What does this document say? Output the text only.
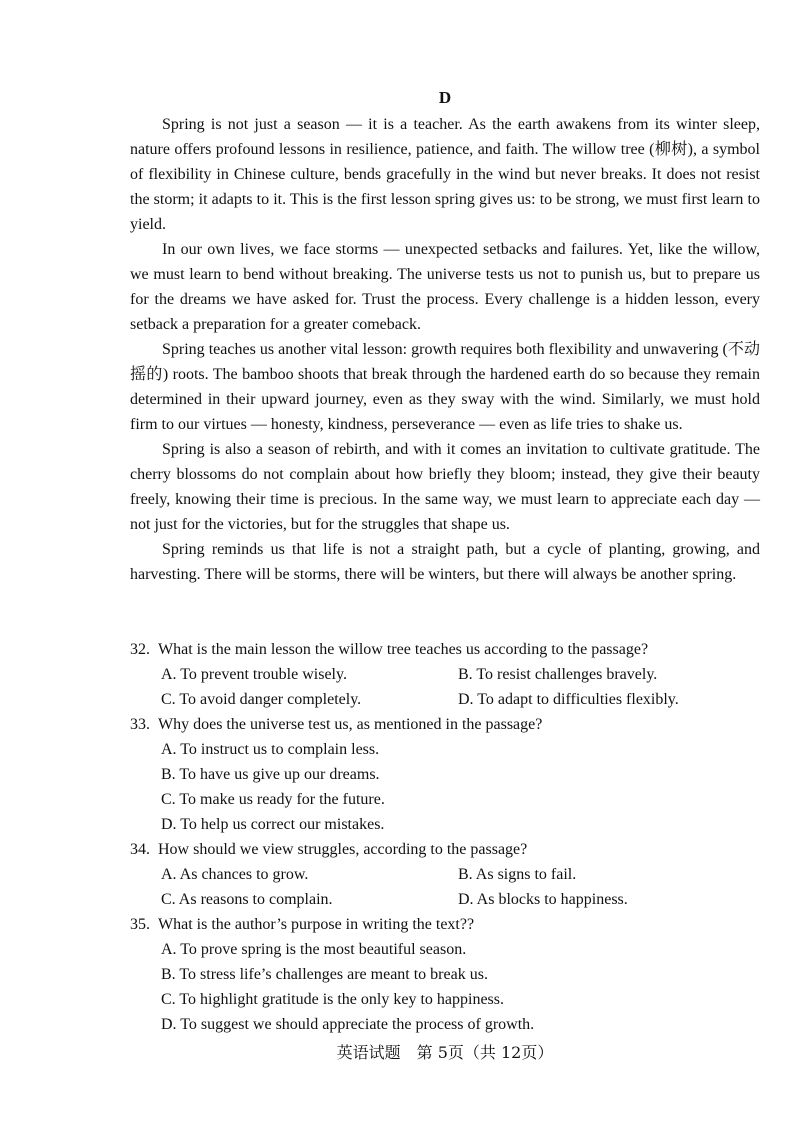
D

Spring is not just a season — it is a teacher. As the earth awakens from its winter sleep, nature offers profound lessons in resilience, patience, and faith. The willow tree (柳树), a symbol of flexibility in Chinese culture, bends gracefully in the wind but never breaks. It does not resist the storm; it adapts to it. This is the first lesson spring gives us: to be strong, we must first learn to yield.

In our own lives, we face storms — unexpected setbacks and failures. Yet, like the willow, we must learn to bend without breaking. The universe tests us not to punish us, but to prepare us for the dreams we have asked for. Trust the process. Every challenge is a hidden lesson, every setback a preparation for a greater comeback.

Spring teaches us another vital lesson: growth requires both flexibility and unwavering (不动摇的) roots. The bamboo shoots that break through the hardened earth do so because they remain determined in their upward journey, even as they sway with the wind. Similarly, we must hold firm to our virtues — honesty, kindness, perseverance — even as life tries to shake us.

Spring is also a season of rebirth, and with it comes an invitation to cultivate gratitude. The cherry blossoms do not complain about how briefly they bloom; instead, they give their beauty freely, knowing their time is precious. In the same way, we must learn to appreciate each day — not just for the victories, but for the struggles that shape us.

Spring reminds us that life is not a straight path, but a cycle of planting, growing, and harvesting. There will be storms, there will be winters, but there will always be another spring.

32. What is the main lesson the willow tree teaches us according to the passage?
A. To prevent trouble wisely.	B. To resist challenges bravely.
C. To avoid danger completely.	D. To adapt to difficulties flexibly.
33. Why does the universe test us, as mentioned in the passage?
A. To instruct us to complain less.
B. To have us give up our dreams.
C. To make us ready for the future.
D. To help us correct our mistakes.
34. How should we view struggles, according to the passage?
A. As chances to grow.	B. As signs to fail.
C. As reasons to complain.	D. As blocks to happiness.
35. What is the author’s purpose in writing the text??
A. To prove spring is the most beautiful season.
B. To stress life’s challenges are meant to break us.
C. To highlight gratitude is the only key to happiness.
D. To suggest we should appreciate the process of growth.
英语试题　第 5页（共 12页）
